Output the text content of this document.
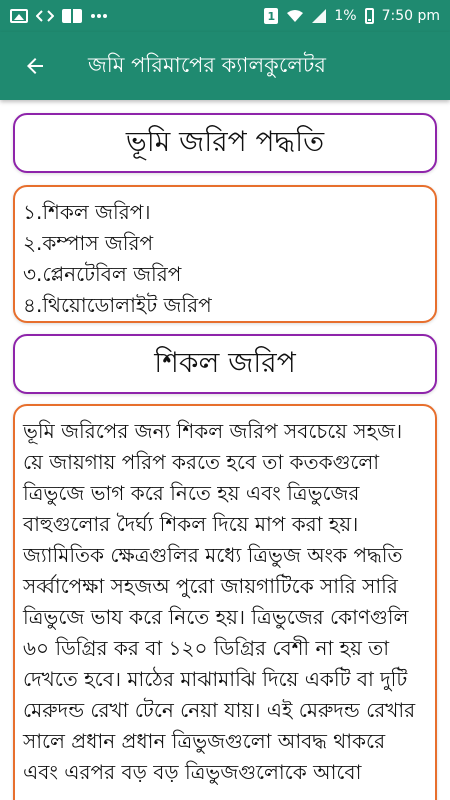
1	1% 7:50 pm
জমি পরিমাপের ক্যালকুলেটর
ভূমি জরিপ পদ্ধতি
১.শিকল জরিপ।
২.কম্পাস জরিপ
৩.প্লেনটেবিল জরিপ
৪.থিয়োডোলাইট জরিপ
শিকল জরিপ

ভূমি জরিপের জন্য শিকল জরিপ সবচেয়ে সহজ। য়ে জায়গায় পরিপ করতে হবে তা কতকগুলো ত্রিভুজে ভাগ করে নিতে হয় এবং ত্রিভুজের বাহুগুলোর দৈর্ঘ্য শিকল দিয়ে মাপ করা হয়। জ্যামিতিক ক্ষেত্রগুলির মধ্যে ত্রিভুজ অংক পদ্ধতি সর্ব্বাপেক্ষা সহজঅ পুরো জায়গাটিকে সারি সারি ত্রিভুজে ভায করে নিতে হয়। ত্রিভুজের কোণগুলি ৬০ ডিগ্রির কর বা ১২০ ডিগ্রির বেশী না হয় তা দেখতে হবে। মাঠের মাঝামাঝি দিয়ে একটি বা দুটি মেরুদন্ড রেখা টেনে নেয়া যায়। এই মেরুদন্ড রেখার সালে প্রধান প্রধান ত্রিভুজগুলো আবদ্ধ থাকরে এবং এরপর বড় বড় ত্রিভুজগুলোকে আবো
